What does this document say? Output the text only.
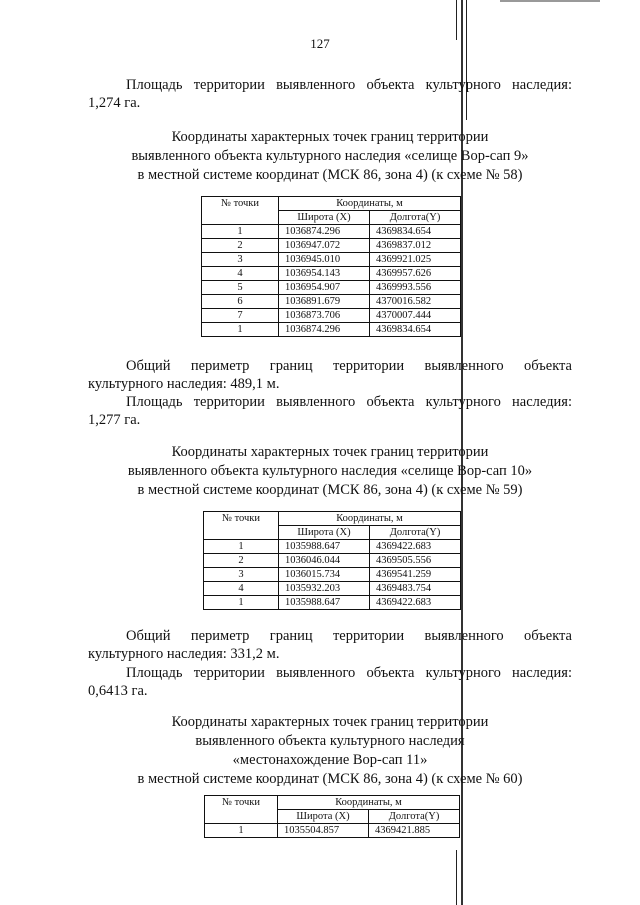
127
Площадь территории выявленного объекта культурного наследия:
1,274 га.
Координаты характерных точек границ территории
выявленного объекта культурного наследия «селище Вор-сап 9»
в местной системе координат (МСК 86, зона 4) (к схеме № 58)
№ точки	Координаты, м	
	Широта (X)	Долгота(Y)
1	1036874.296	4369834.654
2	1036947.072	4369837.012
3	1036945.010	4369921.025
4	1036954.143	4369957.626
5	1036954.907	4369993.556
6	1036891.679	4370016.582
7	1036873.706	4370007.444
1	1036874.296	4369834.654
Общий периметр границ территории выявленного объекта
культурного наследия: 489,1 м.
Площадь территории выявленного объекта культурного наследия:
1,277 га.
Координаты характерных точек границ территории
выявленного объекта культурного наследия «селище Вор-сап 10»
в местной системе координат (МСК 86, зона 4) (к схеме № 59)
№ точки	Координаты, м	
	Широта (X)	Долгота(Y)
1	1035988.647	4369422.683
2	1036046.044	4369505.556
3	1036015.734	4369541.259
4	1035932.203	4369483.754
1	1035988.647	4369422.683
Общий периметр границ территории выявленного объекта
культурного наследия: 331,2 м.
Площадь территории выявленного объекта культурного наследия:
0,6413 га.
Координаты характерных точек границ территории
выявленного объекта культурного наследия
«местонахождение Вор-сап 11»
в местной системе координат (МСК 86, зона 4) (к схеме № 60)
№ точки	Координаты, м	
	Широта (X)	Долгота(Y)
1	1035504.857	4369421.885
